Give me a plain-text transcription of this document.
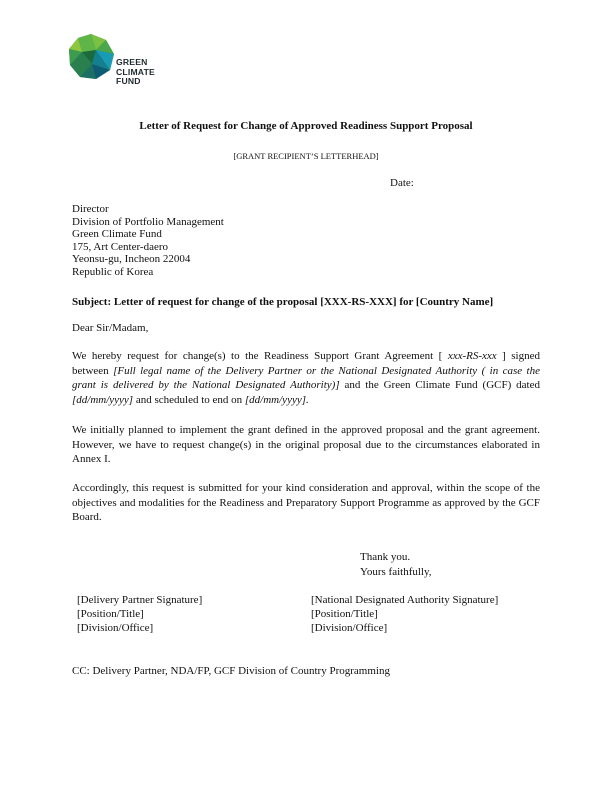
GREEN
CLIMATE
FUND
Letter of Request for Change of Approved Readiness Support Proposal
[GRANT RECIPIENT’S LETTERHEAD]
Date:
Director
Division of Portfolio Management
Green Climate Fund
175, Art Center-daero
Yeonsu-gu, Incheon 22004
Republic of Korea
Subject: Letter of request for change of the proposal [XXX-RS-XXX] for [Country Name]
Dear Sir/Madam,
We hereby request for change(s) to the Readiness Support Grant Agreement [ xxx-RS-xxx ] signed between [Full legal name of the Delivery Partner or the National Designated Authority ( in case the grant is delivered by the National Designated Authority)] and the Green Climate Fund (GCF) dated [dd/mm/yyyy] and scheduled to end on [dd/mm/yyyy].
We initially planned to implement the grant defined in the approved proposal and the grant agreement. However, we have to request change(s) in the original proposal due to the circumstances elaborated in Annex I.
Accordingly, this request is submitted for your kind consideration and approval, within the scope of the objectives and modalities for the Readiness and Preparatory Support Programme as approved by the GCF Board.
Thank you.
Yours faithfully,
[Delivery Partner Signature]
[Position/Title]
[Division/Office]
[National Designated Authority Signature]
[Position/Title]
[Division/Office]
CC: Delivery Partner, NDA/FP, GCF Division of Country Programming
